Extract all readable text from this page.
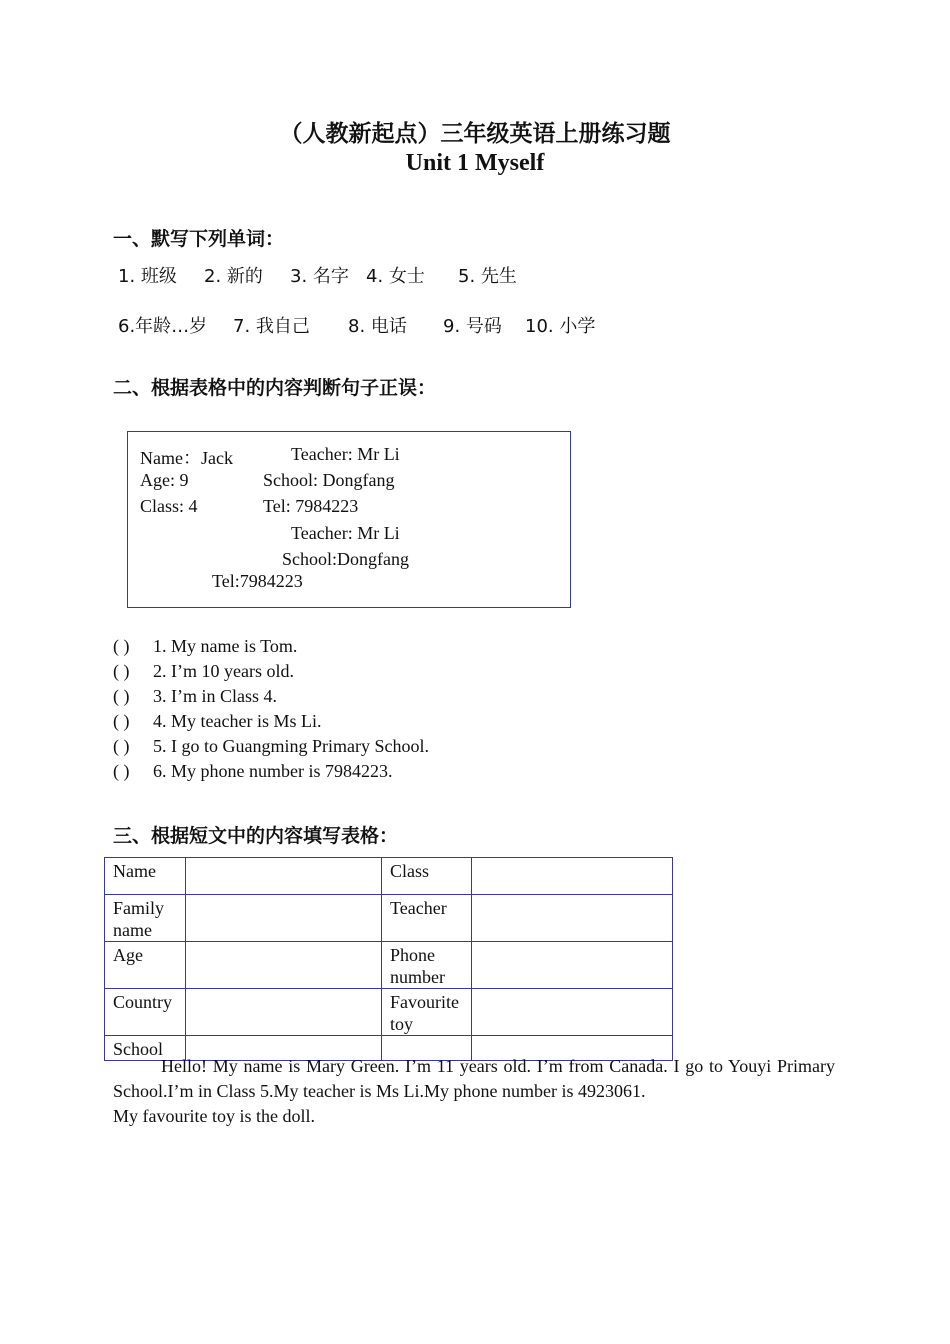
（人教新起点）三年级英语上册练习题
Unit 1 Myself
一、默写下列单词：
1. 班级 2. 新的 3. 名字 4. 女士 5. 先生
6.年龄…岁 7. 我自己 8. 电话 9. 号码 10. 小学
二、根据表格中的内容判断句子正误：
Name：Jack	Teacher: Mr Li
Age: 9	School: Dongfang
Class: 4	Tel: 7984223
Teacher: Mr Li
School:Dongfang
Tel:7984223
( ) 1. My name is Tom.
( ) 2. I’m 10 years old.
( ) 3. I’m in Class 4.
( ) 4. My teacher is Ms Li.
( ) 5. I go to Guangming Primary School.
( ) 6. My phone number is 7984223.
三、根据短文中的内容填写表格：
Name		Class	
Family name		Teacher	
Age		Phone number	
Country		Favourite toy	
School			

Hello! My name is Mary Green. I’m 11 years old. I’m from Canada. I go to Youyi Primary School.I’m in Class 5.My teacher is Ms Li.My phone number is 4923061.

My favourite toy is the doll.
